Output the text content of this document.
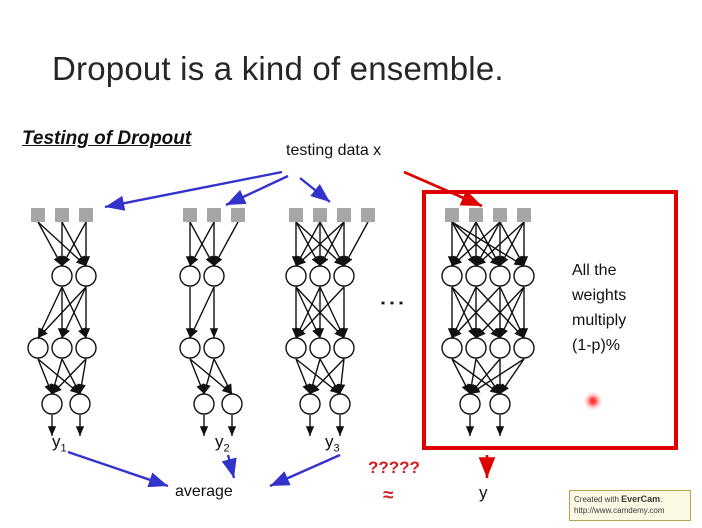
Dropout is a kind of ensemble.
Testing of Dropout
testing data x
All the
weights
multiply
(1-p)%
⋮
$y_1$	$y_2$	$y_3$
average
?????
≈	y	Created with EverCam.
http://www.camdemy.com
